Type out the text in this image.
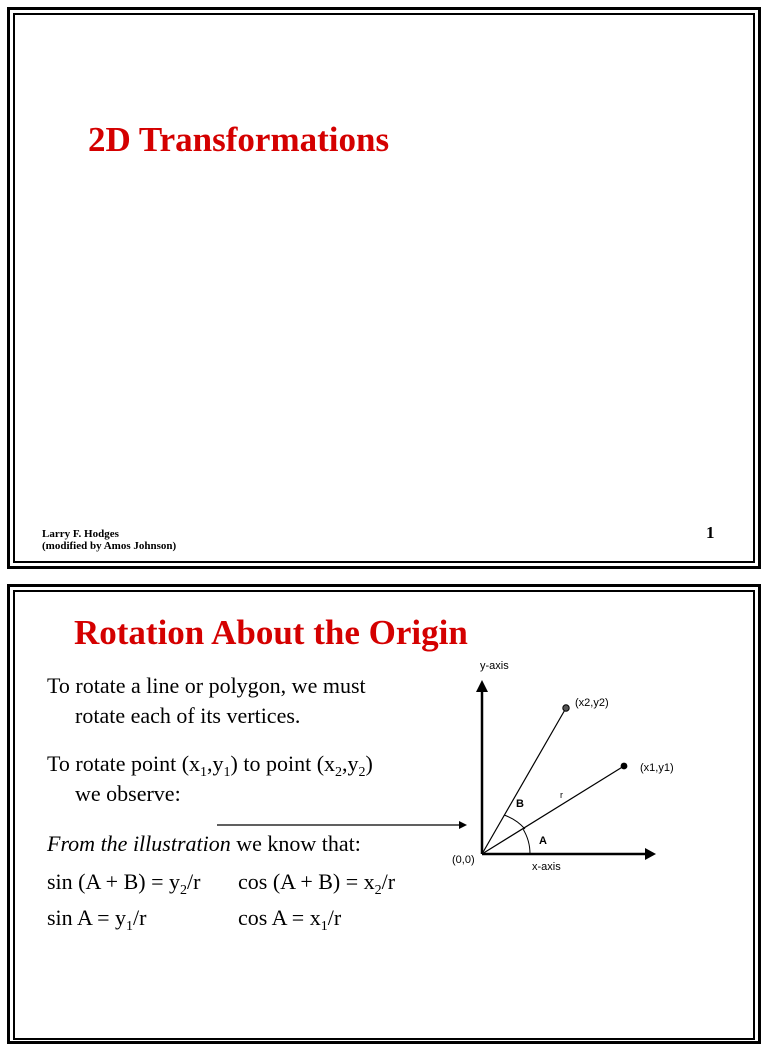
2D Transformations
Larry F. Hodges
(modified by Amos Johnson)
1
Rotation About the Origin
To rotate a line or polygon, we must
rotate each of its vertices.
To rotate point $(x_1,y_1)$ to point $(x_2,y_2)$
we observe:
From the illustration we know that:
$\sin (A + B) = y_2/r$ $\cos (A + B) = x_2/r$
$\sin A = y_1/r$	$\cos A = x_1/r$
y-axis
x-axis
(0,0)
(x2,y2)
(x1,y1)
A
B
r
